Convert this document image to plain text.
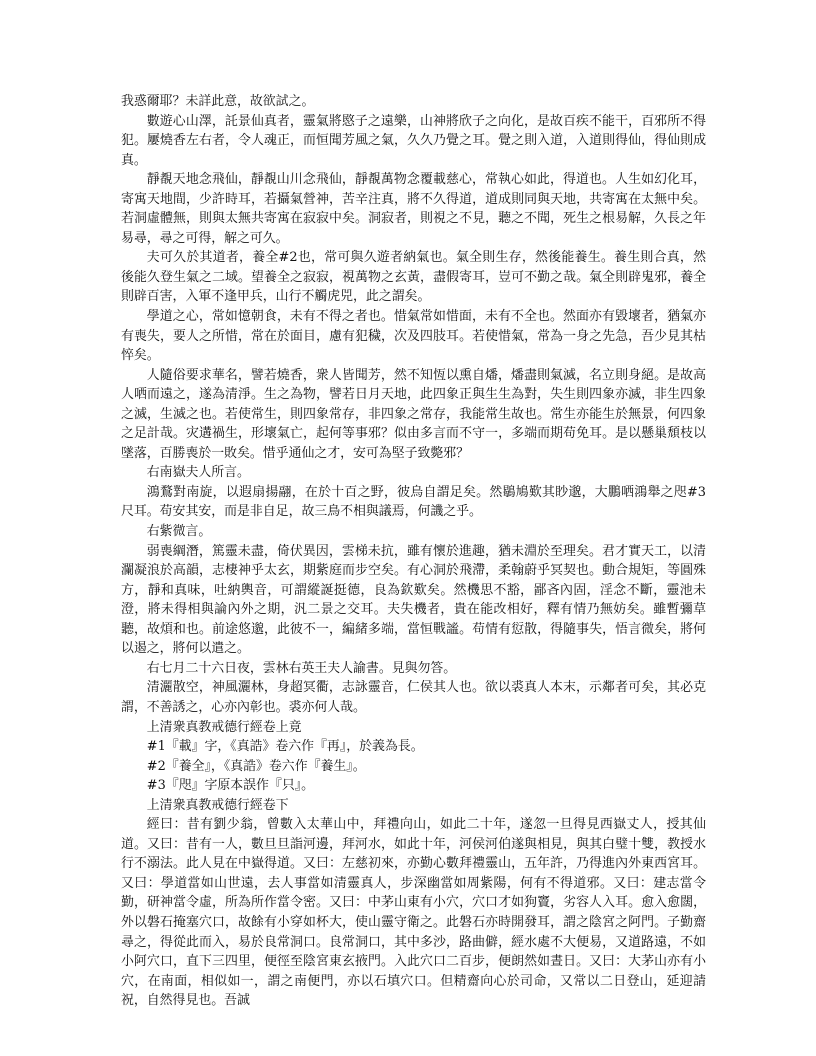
我惑爾耶？未詳此意，故欲試之。

數遊心山澤，託景仙真者，靈氣將愍子之遠樂，山神將欣子之向化，是故百疾不能干，百邪所不得犯。屢燒香左右者，令人魂正，而恒聞芳風之氣，久久乃覺之耳。覺之則入道，入道則得仙，得仙則成真。

靜覩天地念飛仙，靜覩山川念飛仙，靜覩萬物念覆載慈心，常執心如此，得道也。人生如幻化耳，寄寓天地間，少許時耳，若攝氣營神，苦辛注真，將不久得道，道成則同與天地，共寄寓在太無中矣。若洞虛體無，則與太無共寄寓在寂寂中矣。洞寂者，則視之不見，聽之不聞，死生之根易解，久長之年易尋，尋之可得，解之可久。

夫可久於其道者，養全#2也，常可與久遊者納氣也。氣全則生存，然後能養生。養生則合真，然後能久登生氣之二域。望養全之寂寂，視萬物之玄黃，盡假寄耳，豈可不勤之哉。氣全則辟鬼邪，養全則辟百害，入軍不逢甲兵，山行不觸虎兕，此之謂矣。

學道之心，常如憶朝食，未有不得之者也。惜氣常如惜面，未有不全也。然面亦有毀壞者，猶氣亦有喪失，要人之所惜，常在於面目，慮有犯穢，次及四肢耳。若使惜氣，常為一身之先急，吾少見其枯悴矣。

人隨俗要求華名，譬若燒香，衆人皆聞芳，然不知恆以熏自燔，燔盡則氣滅，名立則身絕。是故高人哂而遠之，遂為清淨。生之為物，譬若日月天地，此四象正與生生為對，失生則四象亦滅，非生四象之滅，生滅之也。若使常生，則四象常存，非四象之常存，我能常生故也。常生亦能生於無景，何四象之足計哉。灾遘禍生，形壞氣亡，起何等事邪？似由多言而不守一，多端而期苟免耳。是以懸巢頹枝以墜落，百勝喪於一敗矣。惜乎通仙之才，安可為堅子致斃邪？

右南嶽夫人所言。

鴻鶩對南旋，以遐扇揚翮，在於十百之野，彼烏自謂足矣。然鶡鳩歎其眇邈，大鵬哂鴻舉之咫#3尺耳。苟安其安，而是非自足，故三鳥不相與議焉，何譏之乎。

右紫微言。

弱喪綱潛，篤靈未盡，倚伏異因，雲梯未抗，雖有懷於進趣，猶未淵於至理矣。君才實天工，以清瀾凝浪於高韻，志棲神乎太玄，期紫庭而步空矣。有心洞於飛滯，柔翰蔚乎冥契也。動合規矩，等圓殊方，靜和真味，吐納輿音，可謂縱誕挺德，良為欽歎矣。然機思不豁，鄙吝內固，淫念不斷，靈池未澄，將未得相與論內外之期，汎二景之交耳。夫失機者，貴在能改相好，釋有情乃無妨矣。雖暫彌草聽，故煩和也。前途悠邈，此彼不一，編緒多端，當恒戰謐。苟情有愆散，得隨事失，悟言微矣，將何以遏之，將何以遣之。

右七月二十六日夜，雲林右英王夫人諭書。見與勿答。

清灑散空，神風灑林，身超冥衢，志詠靈音，仁侯其人也。欲以裘真人本末，示鄰者可矣，其必克謂，不善誘之，心亦內彰也。裘亦何人哉。

上清衆真教戒德行經卷上竟

#1『載』字，《真誥》卷六作『再』，於義為長。

#2『養全』，《真誥》卷六作『養生』。

#3『咫』字原本誤作『只』。

上清衆真教戒德行經卷下

經曰：昔有劉少翁，曾數入太華山中，拜禮向山，如此二十年，遂忽一旦得見西嶽丈人，授其仙道。又曰：昔有一人，數旦旦詣河邊，拜河水，如此十年，河侯河伯遂與相見，與其白璧十雙，教授水行不溺法。此人見在中嶽得道。又曰：左慈初來，亦勤心數拜禮靈山，五年許，乃得進內外東西宮耳。又曰：學道當如山世遠，去人事當如清靈真人，步深幽當如周紫陽，何有不得道邪。又曰：建志當令勤，研神當令虛，所為所作當令密。又曰：中茅山東有小穴，穴口才如狗竇，劣容人入耳。愈入愈闊，外以磐石掩塞穴口，故餘有小穿如杯大，使山靈守衛之。此磐石亦時開發耳，謂之陰宮之阿門。子勤齋尋之，得從此而入，易於良常洞口。良常洞口，其中多沙，路曲僻，經水處不大便易，又道路遠，不如小阿穴口，直下三四里，便徑至陰宮東玄掖門。入此穴口二百步，便朗然如晝日。又曰：大茅山亦有小穴，在南面，相似如一，謂之南便門，亦以石填穴口。但精齋向心於司命，又常以二日登山，延迎請祝，自然得見也。吾誠
